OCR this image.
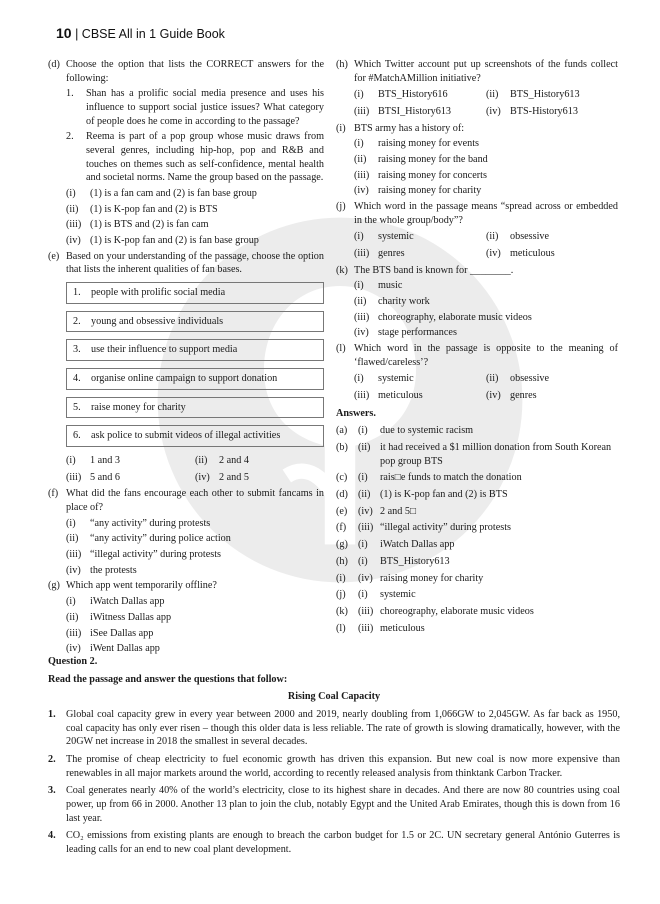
10 | CBSE All in 1 Guide Book
(d) Choose the option that lists the CORRECT answers for the following:
1.	Shan has a prolific social media presence and uses his influence to support social justice issues? What category of people does he come in according to the passage?
2.	Reema is part of a pop group whose music draws from several genres, including hip-hop, pop and R&B and touches on themes such as self-confidence, mental health and societal norms. Name the group based on the passage.
(i)	(1) is a fan cam and (2) is fan base group
(ii)	(1) is K-pop fan and (2) is BTS
(iii) (1) is BTS and (2) is fan cam
(iv) (1) is K-pop fan and (2) is fan base group
(e) Based on your understanding of the passage, choose the option that lists the inherent qualities of fan bases.
1.	people with prolific social media
2.	young and obsessive individuals
3.	use their influence to support media
4.	organise online campaign to support donation
5.	raise money for charity
6.	ask police to submit videos of illegal activities
(i)	1 and 3	(ii)	2 and 4
(iii) 5 and 6	(iv) 2 and 5
(f) What did the fans encourage each other to submit fancams in place of?
(i)	“any activity” during protests
(ii)	“any activity” during police action
(iii) “illegal activity” during protests
(iv) the protests
(g) Which app went temporarily offline?
(i)	iWatch Dallas app
(ii)	iWitness Dallas app
(iii) iSee Dallas app
(iv) iWent Dallas app
(h) Which Twitter account put up screenshots of the funds collect for #MatchAMillion initiative?
(i)	BTS_History616	(ii)	BTS_History613
(iii) BTSI_History613	(iv) BTS-History613
(i) BTS army has a history of:
(i)	raising money for events
(ii)	raising money for the band
(iii) raising money for concerts
(iv) raising money for charity
(j) Which word in the passage means “spread across or embedded in the whole group/body”?
(i)	systemic	(ii)	obsessive
(iii) genres	(iv) meticulous
(k) The BTS band is known for ________.
(i)	music
(ii)	charity work
(iii) choreography, elaborate music videos
(iv) stage performances
(l) Which word in the passage is opposite to the meaning of ‘flawed/careless’?
(i)	systemic	(ii)	obsessive
(iii) meticulous	(iv) genres
Answers.
(a)	(i)	due to systemic racism
(b) (ii) it had received a $1 million donation from South Korean pop group BTS
(c)	(i)	rais□e funds to match the donation
(d) (ii) (1) is K-pop fan and (2) is BTS
(e)	(iv) 2 and 5□
(f)	(iii) “illegal activity” during protests
(g) (i)	iWatch Dallas app
(h) (i)	BTS_History613
(i)	(iv) raising money for charity
(j)	(i)	systemic
(k) (iii) choreography, elaborate music videos
(l)	(iii) meticulous
Question 2.
Read the passage and answer the questions that follow:
Rising Coal Capacity
1.	Global coal capacity grew in every year between 2000 and 2019, nearly doubling from 1,066GW to 2,045GW. As far back as 1950, coal capacity has only ever risen – though this older data is less reliable. The rate of growth is slowing dramatically, however, with the 20GW net increase in 2018 the smallest in several decades.
2.	The promise of cheap electricity to fuel economic growth has driven this expansion. But new coal is now more expensive than renewables in all major markets around the world, according to recently released analysis from thinktank Carbon Tracker.
3.	Coal generates nearly 40% of the world’s electricity, close to its highest share in decades. And there are now 80 countries using coal power, up from 66 in 2000. Another 13 plan to join the club, notably Egypt and the United Arab Emirates, though this is down from 16 last year.
4.	CO₂ emissions from existing plants are enough to breach the carbon budget for 1.5 or 2C. UN secretary general António Guterres is leading calls for an end to new coal plant development.
